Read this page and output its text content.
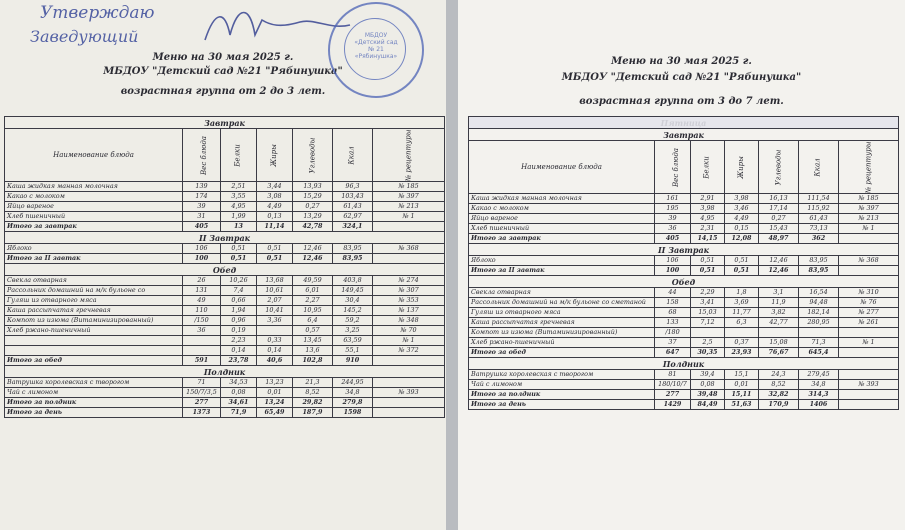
Утверждаю
Заведующий
Меню на 30 мая 2025 г.
МБДОУ "Детский сад №21 "Рябинушка"
возрастная группа от 2 до 3 лет.
МБДОУ «Детский сад № 21 «Рябинушка»
Завтрак						
Наименование блюда	Вес блюда	Белки	Жиры	Углеводы	Ккал	№ рецептуры
Каша жидкая манная молочная	139	2,51	3,44	13,93	96,3	№ 185
Какао с молоком	174	3,55	3,08	15,29	103,43	№ 397
Яйцо вареное	39	4,95	4,49	0,27	61,43	№ 213
Хлеб пшеничный	31	1,99	0,13	13,29	62,97	№ 1
Итого за завтрак	405	13	11,14	42,78	324,1	
II Завтрак						
Яблоко	106	0,51	0,51	12,46	83,95	№ 368
Итого за II завтак	100	0,51	0,51	12,46	83,95	
Обед						
Свекла отварная	26	10,26	13,68	49,59	403,8	№ 274
Рассольник домашний на м/к бульоне со	131	7,4	10,61	6,01	149,45	№ 307
Гуляш из отварного мяса	49	0,66	2,07	2,27	30,4	№ 353
Каша рассыпчатая гречневая	110	1,94	10,41	10,95	145,2	№ 137
Компот из изюма (Витаминизированный)	/150	0,96	3,36	6,4	59,2	№ 348
Хлеб ржано-пшеничный	36	0,19		0,57	3,25	№ 70
		2,23	0,33	13,45	63,59	№ 1
		0,14	0,14	13,6	55,1	№ 372
Итого за обед	591	23,78	40,6	102,8	910	
Полдник						
Ватрушка королевская с творогом	71	34,53	13,23	21,3	244,95	
Чай с лимоном	150/7/3,5	0,08	0,01	8,52	34,8	№ 393
Итого за полдник	277	34,61	13,24	29,82	279,8	
Итого за день	1373	71,9	65,49	187,9	1598	
Меню на 30 мая 2025 г.
МБДОУ "Детский сад №21 "Рябинушка"
возрастная группа от 3 до 7 лет.
Пятница						
Завтрак						
Наименование блюда	Вес блюда	Белки	Жиры	Углеводы	Ккал	№ рецептуры
Каша жидкая манная молочная	161	2,91	3,98	16,13	111,54	№ 185
Какао с молоком	195	3,98	3,46	17,14	115,92	№ 397
Яйцо вареное	39	4,95	4,49	0,27	61,43	№ 213
Хлеб пшеничный	36	2,31	0,15	15,43	73,13	№ 1
Итого за завтрак	405	14,15	12,08	48,97	362	
II Завтрак						
Яблоко	106	0,51	0,51	12,46	83,95	№ 368
Итого за II завтак	100	0,51	0,51	12,46	83,95	
Обед						
Свекла отварная	44	2,29	1,8	3,1	16,54	№ 310
Рассольник домашний на м/к бульоне со сметаной	158	3,41	3,69	11,9	94,48	№ 76
Гуляш из отварного мяса	68	15,03	11,77	3,82	182,14	№ 277
Каша рассыпчатая гречневая	133	7,12	6,3	42,77	280,95	№ 261
Компот из изюма (Витаминизированный)	/180					
Хлеб ржано-пшеничный	37	2,5	0,37	15,08	71,3	№ 1
Итого за обед	647	30,35	23,93	76,67	645,4	
Полдник						
Ватрушка королевская с творогом	81	39,4	15,1	24,3	279,45	
Чай с лимоном	180/10/7	0,08	0,01	8,52	34,8	№ 393
Итого за полдник	277	39,48	15,11	32,82	314,3	
Итого за день	1429	84,49	51,63	170,9	1406	
